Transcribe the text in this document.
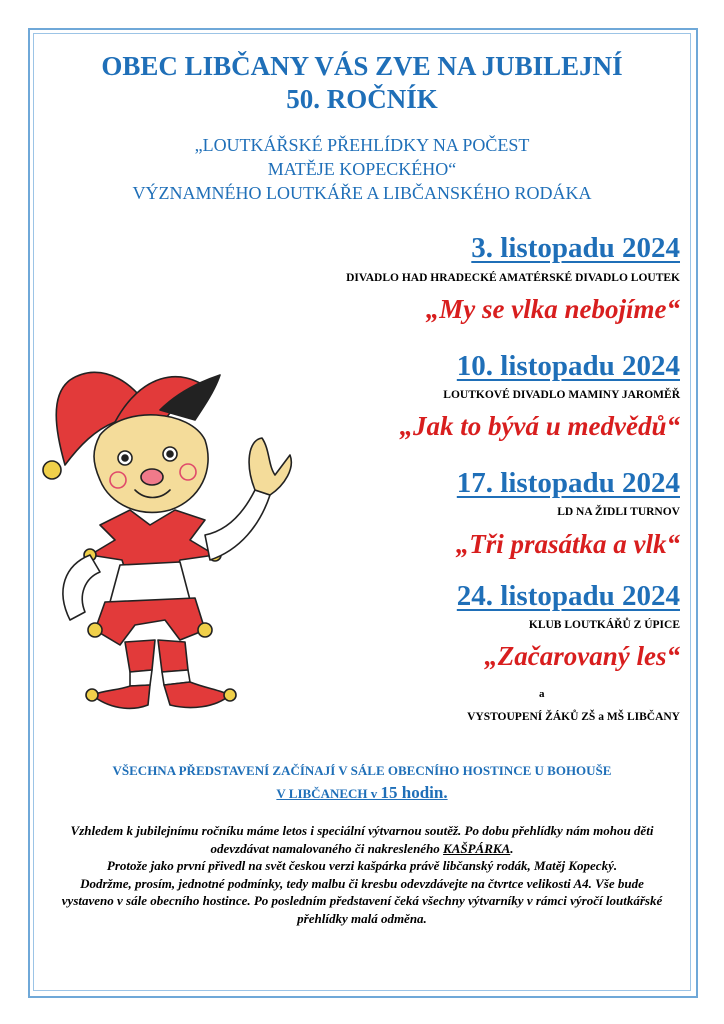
OBEC LIBČANY VÁS ZVE NA JUBILEJNÍ
50. ROČNÍK
„LOUTKÁŘSKÉ PŘEHLÍDKY NA POČEST
MATĚJE KOPECKÉHO“
VÝZNAMNÉHO LOUTKÁŘE A LIBČANSKÉHO RODÁKA
3. listopadu 2024
DIVADLO HAD HRADECKÉ AMATÉRSKÉ DIVADLO LOUTEK
„My se vlka nebojíme“
10. listopadu 2024
LOUTKOVÉ DIVADLO MAMINY JAROMĚŘ
„Jak to bývá u medvědů“
17. listopadu 2024
LD NA ŽIDLI TURNOV
„Tři prasátka a vlk“
24. listopadu 2024
KLUB LOUTKÁŘŮ Z ÚPICE
„Začarovaný les“
a
VYSTOUPENÍ ŽÁKŮ ZŠ a MŠ LIBČANY
VŠECHNA PŘEDSTAVENÍ ZAČÍNAJÍ V SÁLE OBECNÍHO HOSTINCE U BOHOUŠE
V LIBČANECH v 15 hodin.
Vzhledem k jubilejnímu ročníku máme letos i speciální výtvarnou soutěž. Po dobu přehlídky nám mohou děti odevzdávat namalovaného či nakresleného KAŠPÁRKA.
Protože jako první přivedl na svět českou verzi kašpárka právě libčanský rodák, Matěj Kopecký.
Dodržme, prosím, jednotné podmínky, tedy malbu či kresbu odevzdávejte na čtvrtce velikosti A4. Vše bude vystaveno v sále obecního hostince. Po posledním představení čeká všechny výtvarníky v rámci výročí loutkářské přehlídky malá odměna.
